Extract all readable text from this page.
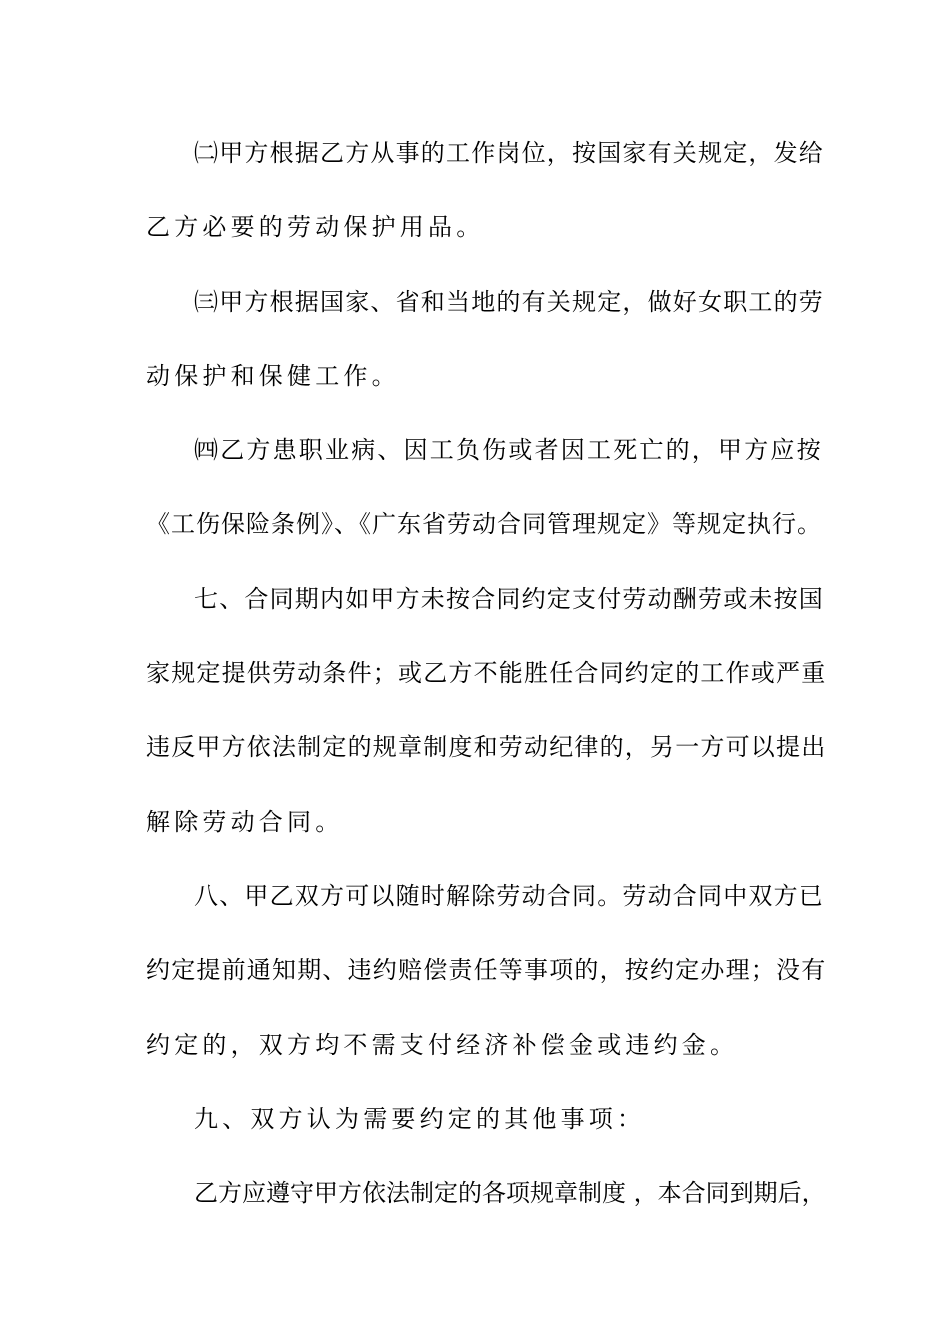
㈡甲方根据乙方从事的工作岗位，按国家有关规定，发给
乙方必要的劳动保护用品。
㈢甲方根据国家、省和当地的有关规定，做好女职工的劳
动保护和保健工作。
㈣乙方患职业病、因工负伤或者因工死亡的，甲方应按
《工伤保险条例》、《广东省劳动合同管理规定》等规定执行。
七、合同期内如甲方未按合同约定支付劳动酬劳或未按国
家规定提供劳动条件；或乙方不能胜任合同约定的工作或严重
违反甲方依法制定的规章制度和劳动纪律的，另一方可以提出
解除劳动合同。
八、甲乙双方可以随时解除劳动合同。劳动合同中双方已
约定提前通知期、违约赔偿责任等事项的，按约定办理；没有
约定的，双方均不需支付经济补偿金或违约金。
九、双方认为需要约定的其他事项：
乙方应遵守甲方依法制定的各项规章制度 ，本合同到期后，
